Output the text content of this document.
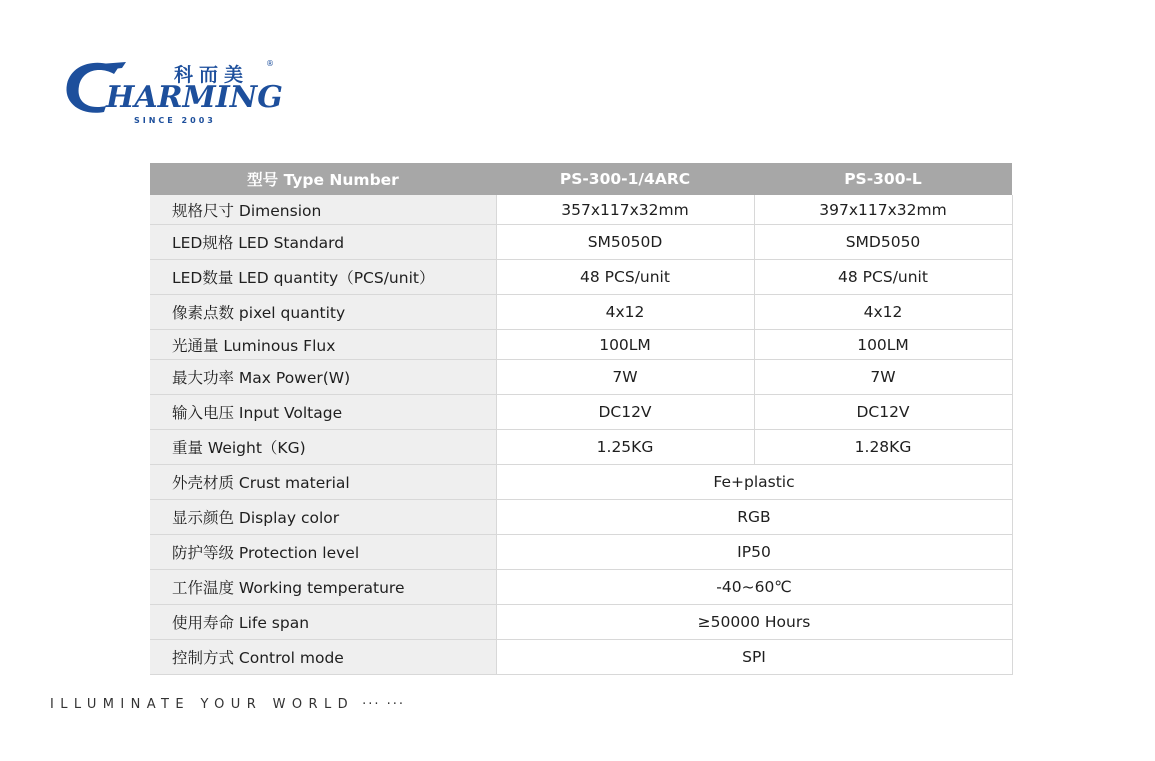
科而美
®
HARMING
SINCE 2003
型号 Type Number	PS-300-1/4ARC	PS-300-L
规格尺寸 Dimension	357x117x32mm	397x117x32mm
LED规格 LED Standard	SM5050D	SMD5050
LED数量 LED quantity（PCS/unit）	48 PCS/unit	48 PCS/unit
像素点数 pixel quantity	4x12	4x12
光通量 Luminous Flux	100LM	100LM
最大功率 Max Power(W)	7W	7W
输入电压 Input Voltage	DC12V	DC12V
重量 Weight（KG)	1.25KG	1.28KG
外壳材质 Crust material	Fe+plastic	
显示颜色 Display color	RGB	
防护等级 Protection level	IP50	
工作温度 Working temperature	-40~60℃	
使用寿命 Life span	≥50000 Hours	
控制方式 Control mode	SPI	
ILLUMINATE YOUR WORLD ··· ···
